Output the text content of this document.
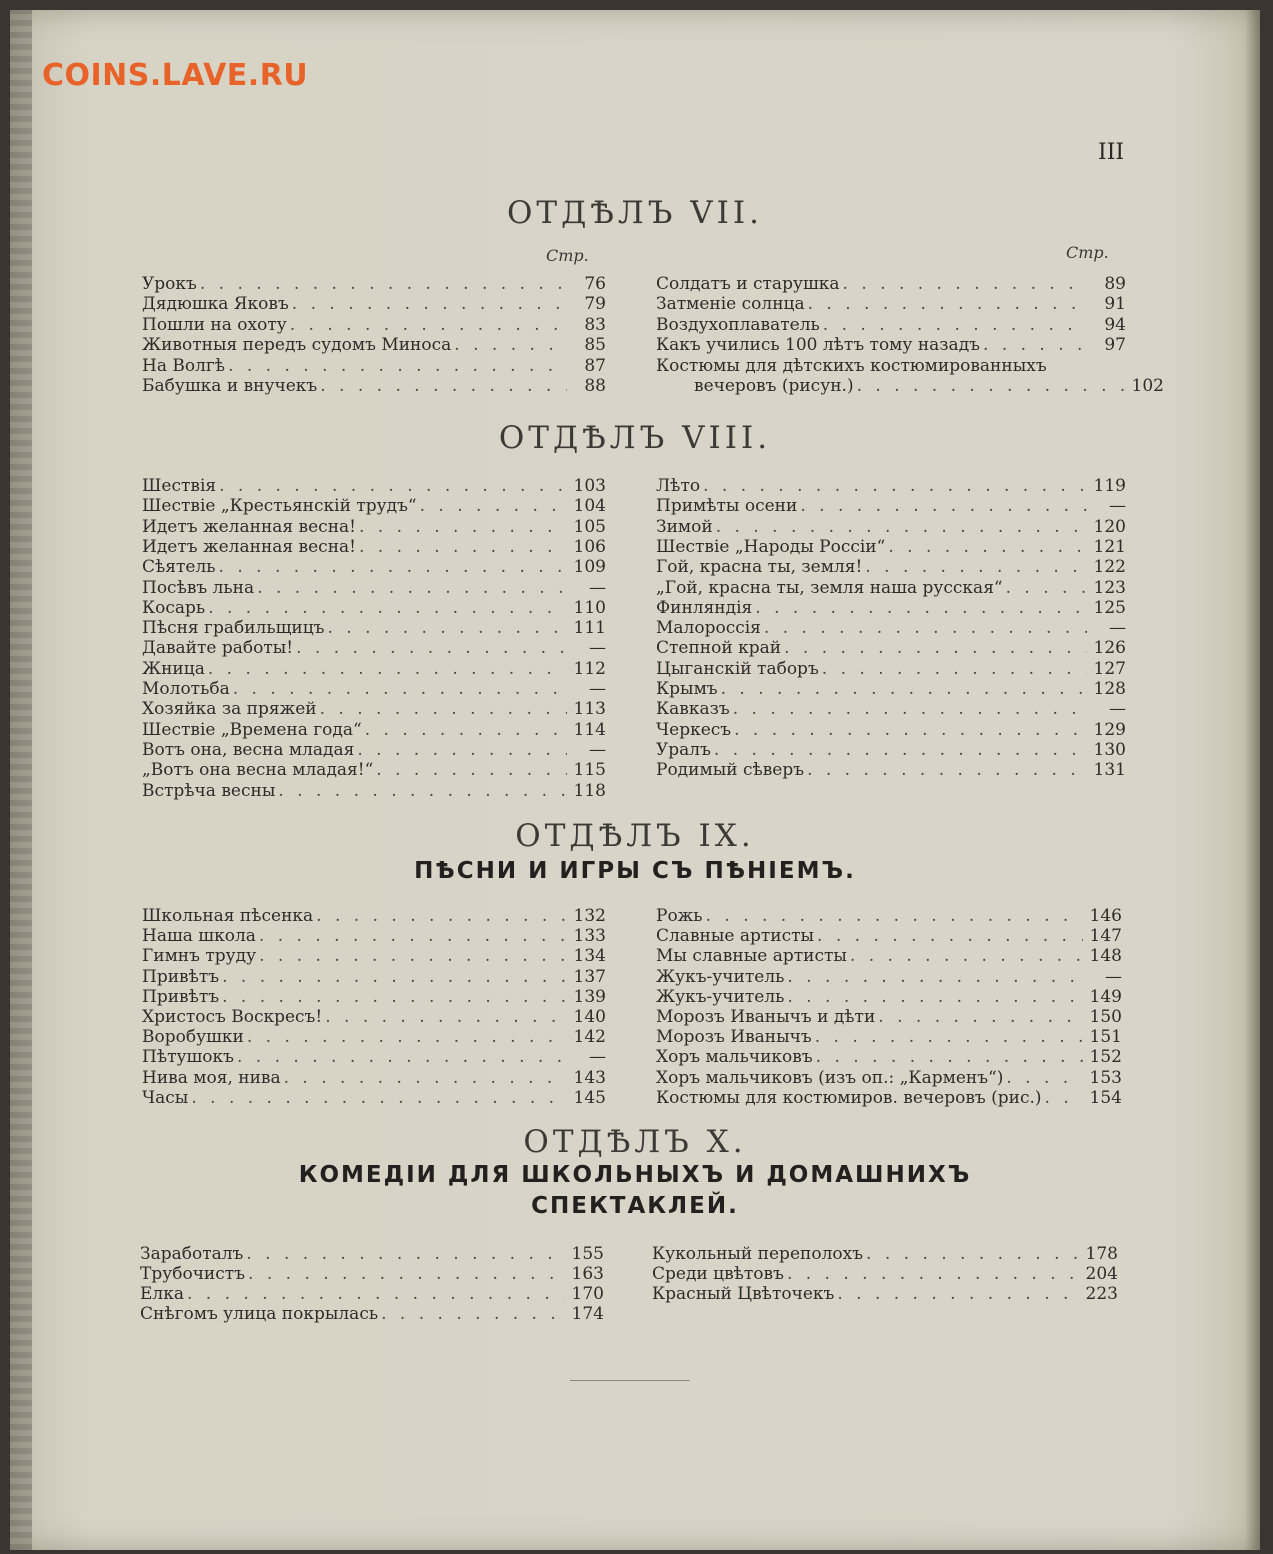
COINS.LAVE.RU
III
ОТДѢЛЪ VII.
Стр.	Стр.
Урокъ . . .	76
Дядюшка Яковъ . . .	79
Пошли на охоту . . .	83
Животныя передъ судомъ Миноса . . .	85
На Волгѣ . . .	87
Бабушка и внучекъ . . .	88
Солдатъ и старушка . . .	89
Затменіе солнца . . .	91
Воздухоплаватель . . .	94
Какъ учились 100 лѣтъ тому назадъ . . .	97
Костюмы для дѣтскихъ костюмированныхъ
вечеровъ (рисун.) . . .	102
ОТДѢЛЪ VIII.
Шествія . . .	103
Шествіе „Крестьянскій трудъ“ . . .	104
Идетъ желанная весна! . . .	105
Идетъ желанная весна! . . .	106
Сѣятель . . .	109
Посѣвъ льна . . .	—
Косарь . . .	110
Пѣсня грабильщицъ . . .	111
Давайте работы! . . .	—
Жница . . .	112
Молотьба . . .	—
Хозяйка за пряжей . . .	113
Шествіе „Времена года“ . . .	114
Вотъ она, весна младая . . .	—
„Вотъ она весна младая!“ . . .	115
Встрѣча весны . . .	118
Лѣто . . .	119
Примѣты осени . . .	—
Зимой . . .	120
Шествіе „Народы Россіи“ . . .	121
Гой, красна ты, земля! . . .	122
„Гой, красна ты, земля наша русская“ . . .	123
Финляндія . . .	125
Малороссія . . .	—
Степной край . . .	126
Цыганскій таборъ . . .	127
Крымъ . . .	128
Кавказъ . . .	—
Черкесъ . . .	129
Уралъ . . .	130
Родимый сѣверъ . . .	131
ОТДѢЛЪ IX.
ПѢСНИ И ИГРЫ СЪ ПѢНІЕМЪ.
Школьная пѣсенка . . .	132
Наша школа . . .	133
Гимнъ труду . . .	134
Привѣтъ . . .	137
Привѣтъ . . .	139
Христосъ Воскресъ! . . .	140
Воробушки . . .	142
Пѣтушокъ . . .	—
Нива моя, нива . . .	143
Часы . . .	145
Рожь . . .	146
Славные артисты . . .	147
Мы славные артисты . . .	148
Жукъ-учитель . . .	—
Жукъ-учитель . . .	149
Морозъ Иванычъ и дѣти . . .	150
Морозъ Иванычъ . . .	151
Хоръ мальчиковъ . . .	152
Хоръ мальчиковъ (изъ оп.: „Карменъ“) . . .	153
Костюмы для костюмиров. вечеровъ (рис.) . . .	154
ОТДѢЛЪ X.
КОМЕДІИ ДЛЯ ШКОЛЬНЫХЪ И ДОМАШНИХЪ
СПЕКТАКЛЕЙ.
Заработалъ . . .	155
Трубочистъ . . .	163
Елка . . .	170
Снѣгомъ улица покрылась . . .	174
Кукольный переполохъ . . .	178
Среди цвѣтовъ . . .	204
Красный Цвѣточекъ . . .	223
